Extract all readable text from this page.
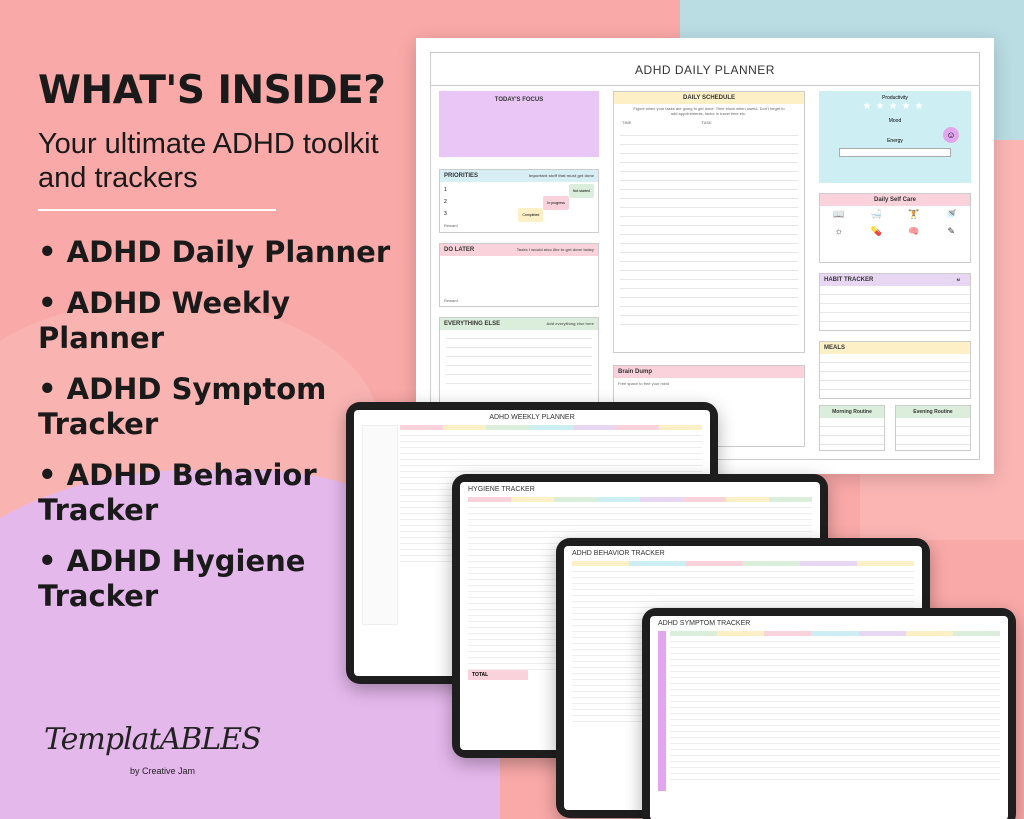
WHAT'S INSIDE?
Your ultimate ADHD toolkit and trackers
• ADHD Daily Planner
• ADHD Weekly Planner
• ADHD Symptom Tracker
• ADHD Behavior Tracker
• ADHD Hygiene Tracker
TemplatABLES
by Creative Jam
ADHD DAILY PLANNER
TODAY'S FOCUS
PRIORITIES	Important stuff that must get done
1	Not started
2	In progress
3	Completed
Reward
DO LATER	Tasks I would also like to get done today
Reward
EVERYTHING ELSE	Add everything else here
DAILY SCHEDULE
Figure when your tasks are going to get done. Time block when useful. Don't forget to add appointments, factor in travel time etc..
TIME	TASK
Brain Dump
Free space to free your mind
Productivity
★★★★★
Mood
☺
Energy
Daily Self Care
📖	🛁	🏋	🚿
☼	💊	🧠	✎
HABIT TRACKER	M
MEALS
Morning Routine	Evening Routine
ADHD WEEKLY PLANNER
HYGIENE TRACKER
TOTAL
ADHD BEHAVIOR TRACKER
ADHD SYMPTOM TRACKER
